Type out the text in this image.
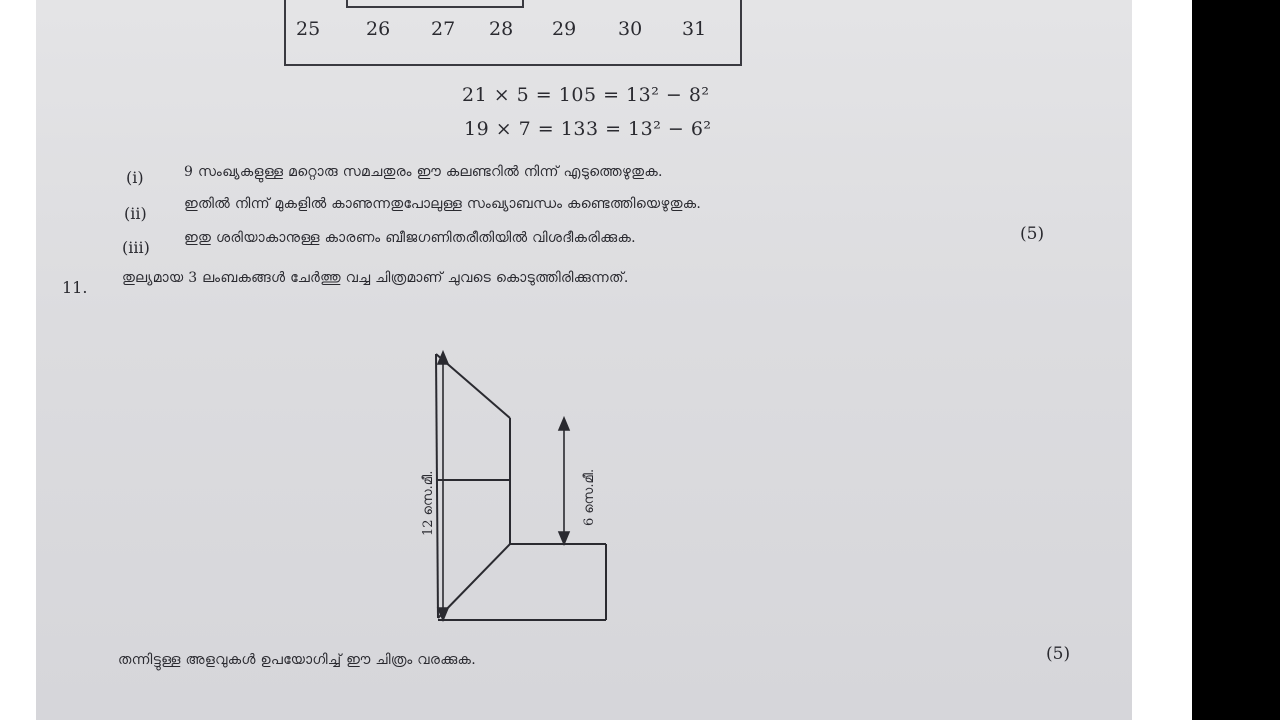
25 26 27 28 29 30 31
21 × 5 = 105 = 13² − 8²
19 × 7 = 133 = 13² − 6²
(i)	9 സംഖ്യകളുള്ള മറ്റൊരു സമചതുരം ഈ കലണ്ടറിൽ നിന്ന് എടുത്തെഴുതുക.
(ii)	ഇതിൽ നിന്ന് മുകളിൽ കാണുന്നതുപോലുള്ള സംഖ്യാബന്ധം കണ്ടെത്തിയെഴുതുക.
(iii) ഇതു ശരിയാകാനുള്ള കാരണം ബീജഗണിതരീതിയിൽ വിശദീകരിക്കുക.	(5)
11. തുല്യമായ 3 ലംബകങ്ങൾ ചേർത്തു വച്ച ചിത്രമാണ് ചുവടെ കൊടുത്തിരിക്കുന്നത്.
12 സെ.മീ.	6 സെ.മീ.
തന്നിട്ടുള്ള അളവുകൾ ഉപയോഗിച്ച് ഈ ചിത്രം വരക്കുക.	(5)
